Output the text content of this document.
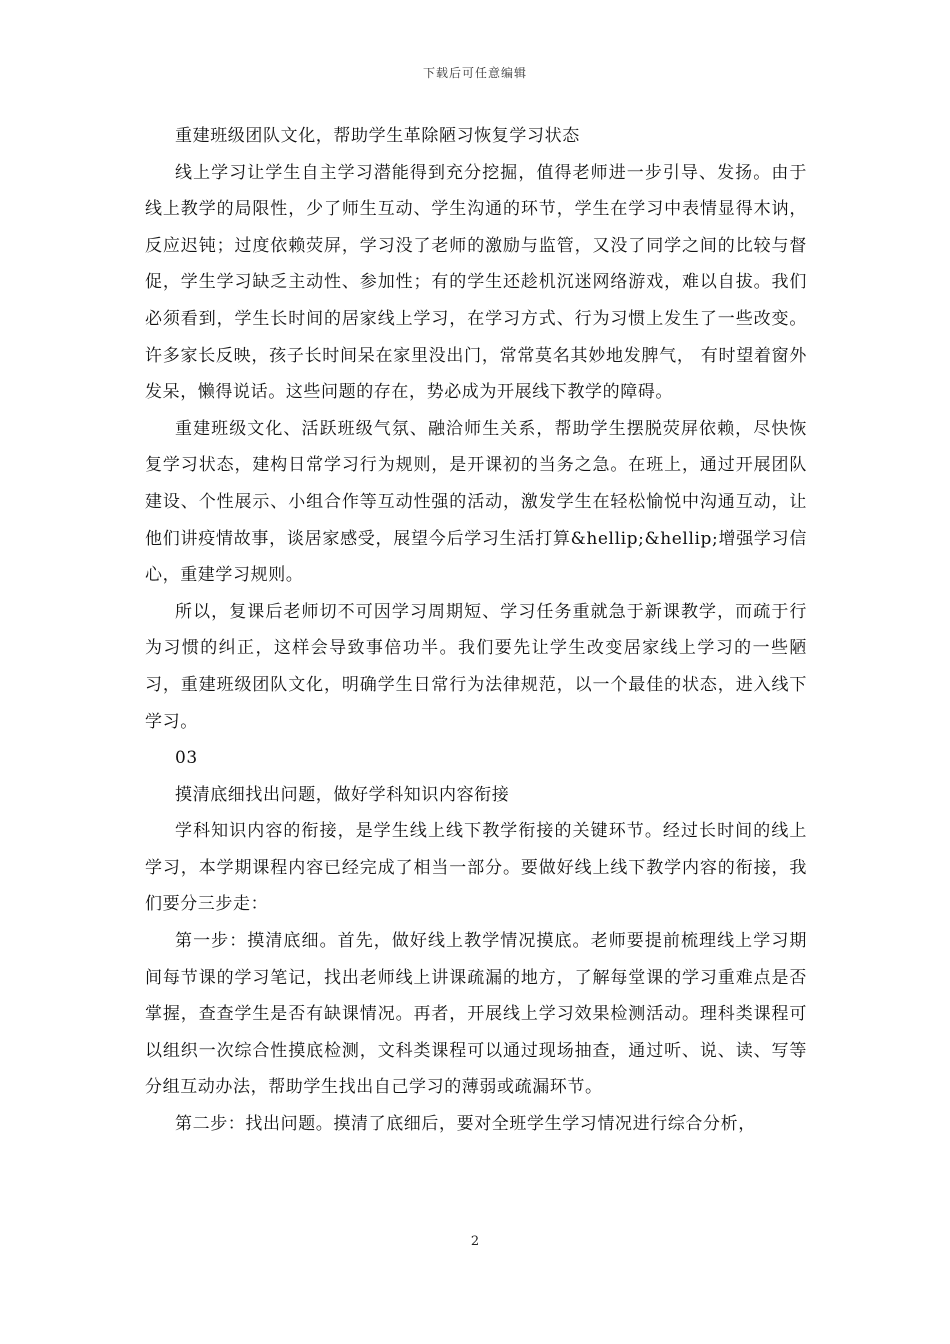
下载后可任意编辑

重建班级团队文化，帮助学生革除陋习恢复学习状态

线上学习让学生自主学习潜能得到充分挖掘，值得老师进一步引导、发扬。由于线上教学的局限性，少了师生互动、学生沟通的环节，学生在学习中表情显得木讷，反应迟钝；过度依赖荧屏，学习没了老师的激励与监管，又没了同学之间的比较与督促，学生学习缺乏主动性、参加性；有的学生还趁机沉迷网络游戏，难以自拔。我们必须看到，学生长时间的居家线上学习，在学习方式、行为习惯上发生了一些改变。许多家长反映，孩子长时间呆在家里没出门，常常莫名其妙地发脾气， 有时望着窗外发呆，懒得说话。这些问题的存在，势必成为开展线下教学的障碍。

重建班级文化、活跃班级气氛、融洽师生关系，帮助学生摆脱荧屏依赖，尽快恢复学习状态，建构日常学习行为规则，是开课初的当务之急。在班上，通过开展团队建设、个性展示、小组合作等互动性强的活动，激发学生在轻松愉悦中沟通互动，让他们讲疫情故事，谈居家感受，展望今后学习生活打算&hellip;&hellip;增强学习信心，重建学习规则。

所以，复课后老师切不可因学习周期短、学习任务重就急于新课教学，而疏于行为习惯的纠正，这样会导致事倍功半。我们要先让学生改变居家线上学习的一些陋习，重建班级团队文化，明确学生日常行为法律规范，以一个最佳的状态，进入线下学习。

03

摸清底细找出问题，做好学科知识内容衔接

学科知识内容的衔接，是学生线上线下教学衔接的关键环节。经过长时间的线上学习，本学期课程内容已经完成了相当一部分。要做好线上线下教学内容的衔接，我们要分三步走：

第一步：摸清底细。首先，做好线上教学情况摸底。老师要提前梳理线上学习期间每节课的学习笔记，找出老师线上讲课疏漏的地方，了解每堂课的学习重难点是否掌握，查查学生是否有缺课情况。再者，开展线上学习效果检测活动。理科类课程可以组织一次综合性摸底检测，文科类课程可以通过现场抽查，通过听、说、读、写等分组互动办法，帮助学生找出自己学习的薄弱或疏漏环节。

第二步：找出问题。摸清了底细后，要对全班学生学习情况进行综合分析，

2
